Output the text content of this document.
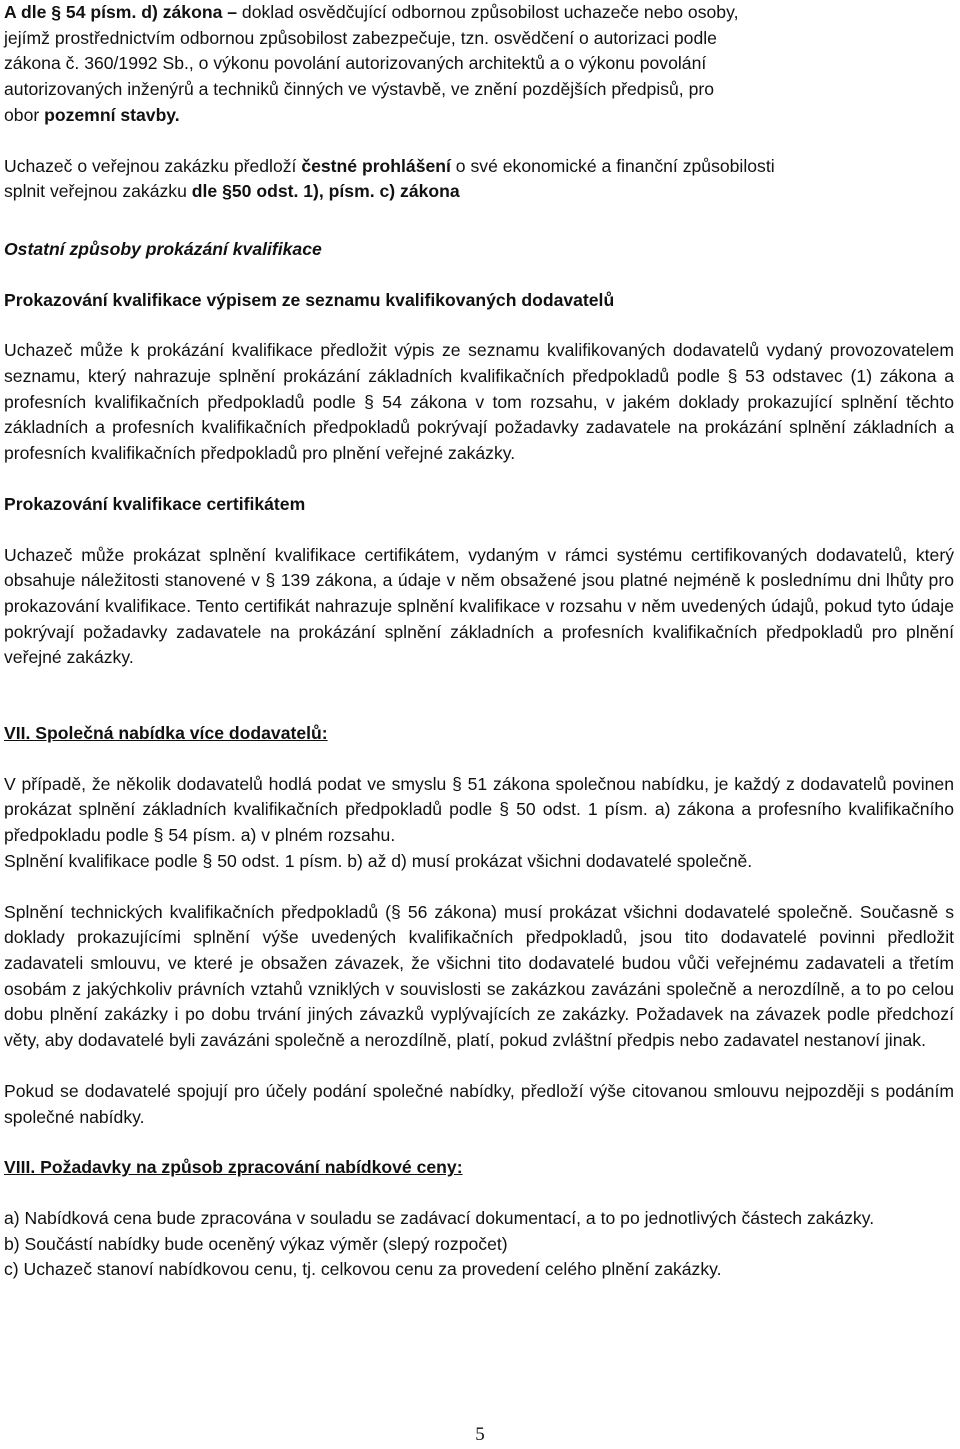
A dle § 54 písm. d) zákona – doklad osvědčující odbornou způsobilost uchazeče nebo osoby,
jejímž prostřednictvím odbornou způsobilost zabezpečuje, tzn. osvědčení o autorizaci podle
zákona č. 360/1992 Sb., o výkonu povolání autorizovaných architektů a o výkonu povolání
autorizovaných inženýrů a techniků činných ve výstavbě, ve znění pozdějších předpisů, pro
obor pozemní stavby.

Uchazeč o veřejnou zakázku předloží čestné prohlášení o své ekonomické a finanční způsobilosti
splnit veřejnou zakázku dle §50 odst. 1), písm. c) zákona

Ostatní způsoby prokázání kvalifikace

Prokazování kvalifikace výpisem ze seznamu kvalifikovaných dodavatelů

Uchazeč může k prokázání kvalifikace předložit výpis ze seznamu kvalifikovaných dodavatelů vydaný provozovatelem seznamu, který nahrazuje splnění prokázání základních kvalifikačních předpokladů podle § 53 odstavec (1) zákona a profesních kvalifikačních předpokladů podle § 54 zákona v tom rozsahu, v jakém doklady prokazující splnění těchto základních a profesních kvalifikačních předpokladů pokrývají požadavky zadavatele na prokázání splnění základních a profesních kvalifikačních předpokladů pro plnění veřejné zakázky.

Prokazování kvalifikace certifikátem

Uchazeč může prokázat splnění kvalifikace certifikátem, vydaným v rámci systému certifikovaných dodavatelů, který obsahuje náležitosti stanovené v § 139 zákona, a údaje v něm obsažené jsou platné nejméně k poslednímu dni lhůty pro prokazování kvalifikace. Tento certifikát nahrazuje splnění kvalifikace v rozsahu v něm uvedených údajů, pokud tyto údaje pokrývají požadavky zadavatele na prokázání splnění základních a profesních kvalifikačních předpokladů pro plnění veřejné zakázky.

VII. Společná nabídka více dodavatelů:

V případě, že několik dodavatelů hodlá podat ve smyslu § 51 zákona společnou nabídku, je každý z dodavatelů povinen prokázat splnění základních kvalifikačních předpokladů podle § 50 odst. 1 písm. a) zákona a profesního kvalifikačního předpokladu podle § 54 písm. a) v plném rozsahu.

Splnění kvalifikace podle § 50 odst. 1 písm. b) až d) musí prokázat všichni dodavatelé společně.

Splnění technických kvalifikačních předpokladů (§ 56 zákona) musí prokázat všichni dodavatelé společně. Současně s doklady prokazujícími splnění výše uvedených kvalifikačních předpokladů, jsou tito dodavatelé povinni předložit zadavateli smlouvu, ve které je obsažen závazek, že všichni tito dodavatelé budou vůči veřejnému zadavateli a třetím osobám z jakýchkoliv právních vztahů vzniklých v souvislosti se zakázkou zavázáni společně a nerozdílně, a to po celou dobu plnění zakázky i po dobu trvání jiných závazků vyplývajících ze zakázky. Požadavek na závazek podle předchozí věty, aby dodavatelé byli zavázáni společně a nerozdílně, platí, pokud zvláštní předpis nebo zadavatel nestanoví jinak.

Pokud se dodavatelé spojují pro účely podání společné nabídky, předloží výše citovanou smlouvu nejpozději s podáním společné nabídky.

VIII. Požadavky na způsob zpracování nabídkové ceny:

a) Nabídková cena bude zpracována v souladu se zadávací dokumentací, a to po jednotlivých částech zakázky.

b) Součástí nabídky bude oceněný výkaz výměr (slepý rozpočet)

c) Uchazeč stanoví nabídkovou cenu, tj. celkovou cenu za provedení celého plnění zakázky.

5
